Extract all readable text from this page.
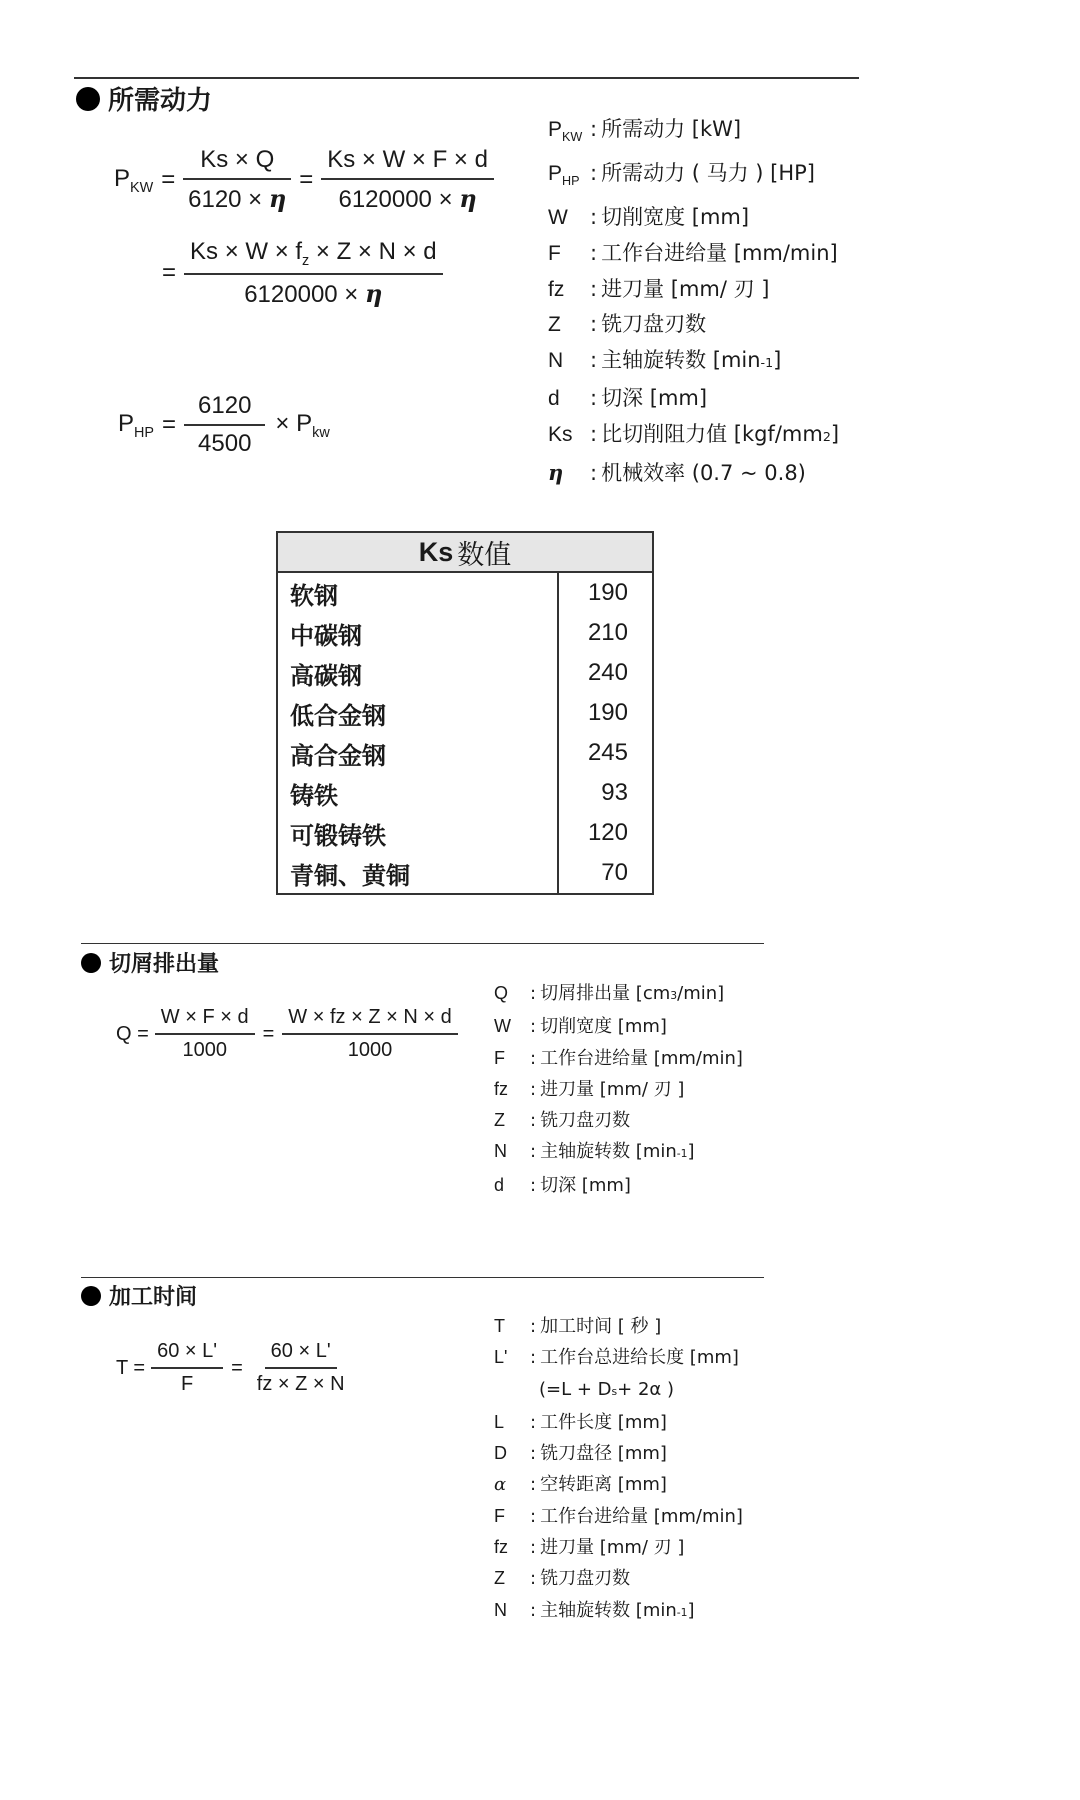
所需动力
$P_{KW} = \frac{Ks \times Q}{6120 \times \eta} = \frac{Ks \times W \times F \times d}{6120000 \times \eta}$
= $\frac{Ks \times W \times f_z \times Z \times N \times d}{6120000 \times \eta}$
$P_{HP} = \frac{6120}{4500} \times P_{kw}$
$P_{KW}$ : 所需动力 [kW]
$P_{HP}$ : 所需动力 ( 马力 ) [HP]
W	: 切削宽度 [mm]
F	: 工作台进给量 [mm/min]
fz	: 进刀量 [mm/ 刃 ]
Z	: 铣刀盘刃数
N	: 主轴旋转数 [min -1 ]
d	: 切深 [mm]
Ks : 比切削阻力值 [kgf/mm 2 ]
η	: 机械效率 (0.7 ~ 0.8)
Ks 数值
软钢	190
中碳钢	210
高碳钢	240
低合金钢	190
高合金钢	245
铸铁	93
可锻铸铁	120
青铜、黄铜	70
切屑排出量
$Q = \frac{W \times F \times d}{1000} = \frac{W \times fz \times Z \times N \times d}{1000}$
Q	: 切屑排出量 [cm 3 /min]
W	: 切削宽度 [mm]
F	: 工作台进给量 [mm/min]
fz	: 进刀量 [mm/ 刃 ]
Z	: 铣刀盘刃数
N	: 主轴旋转数 [min -1 ]
d	: 切深 [mm]
加工时间
$T = \frac{60 \times L'}{F} = \frac{60 \times L'}{fz \times Z \times N}$
T	: 加工时间 [ 秒 ]
L'	: 工作台总进给长度 [mm]
(=L + D s + 2α )
L	: 工件长度 [mm]
D	: 铣刀盘径 [mm]
α	: 空转距离 [mm]
F	: 工作台进给量 [mm/min]
fz	: 进刀量 [mm/ 刃 ]
Z	: 铣刀盘刃数
N	: 主轴旋转数 [min -1 ]
